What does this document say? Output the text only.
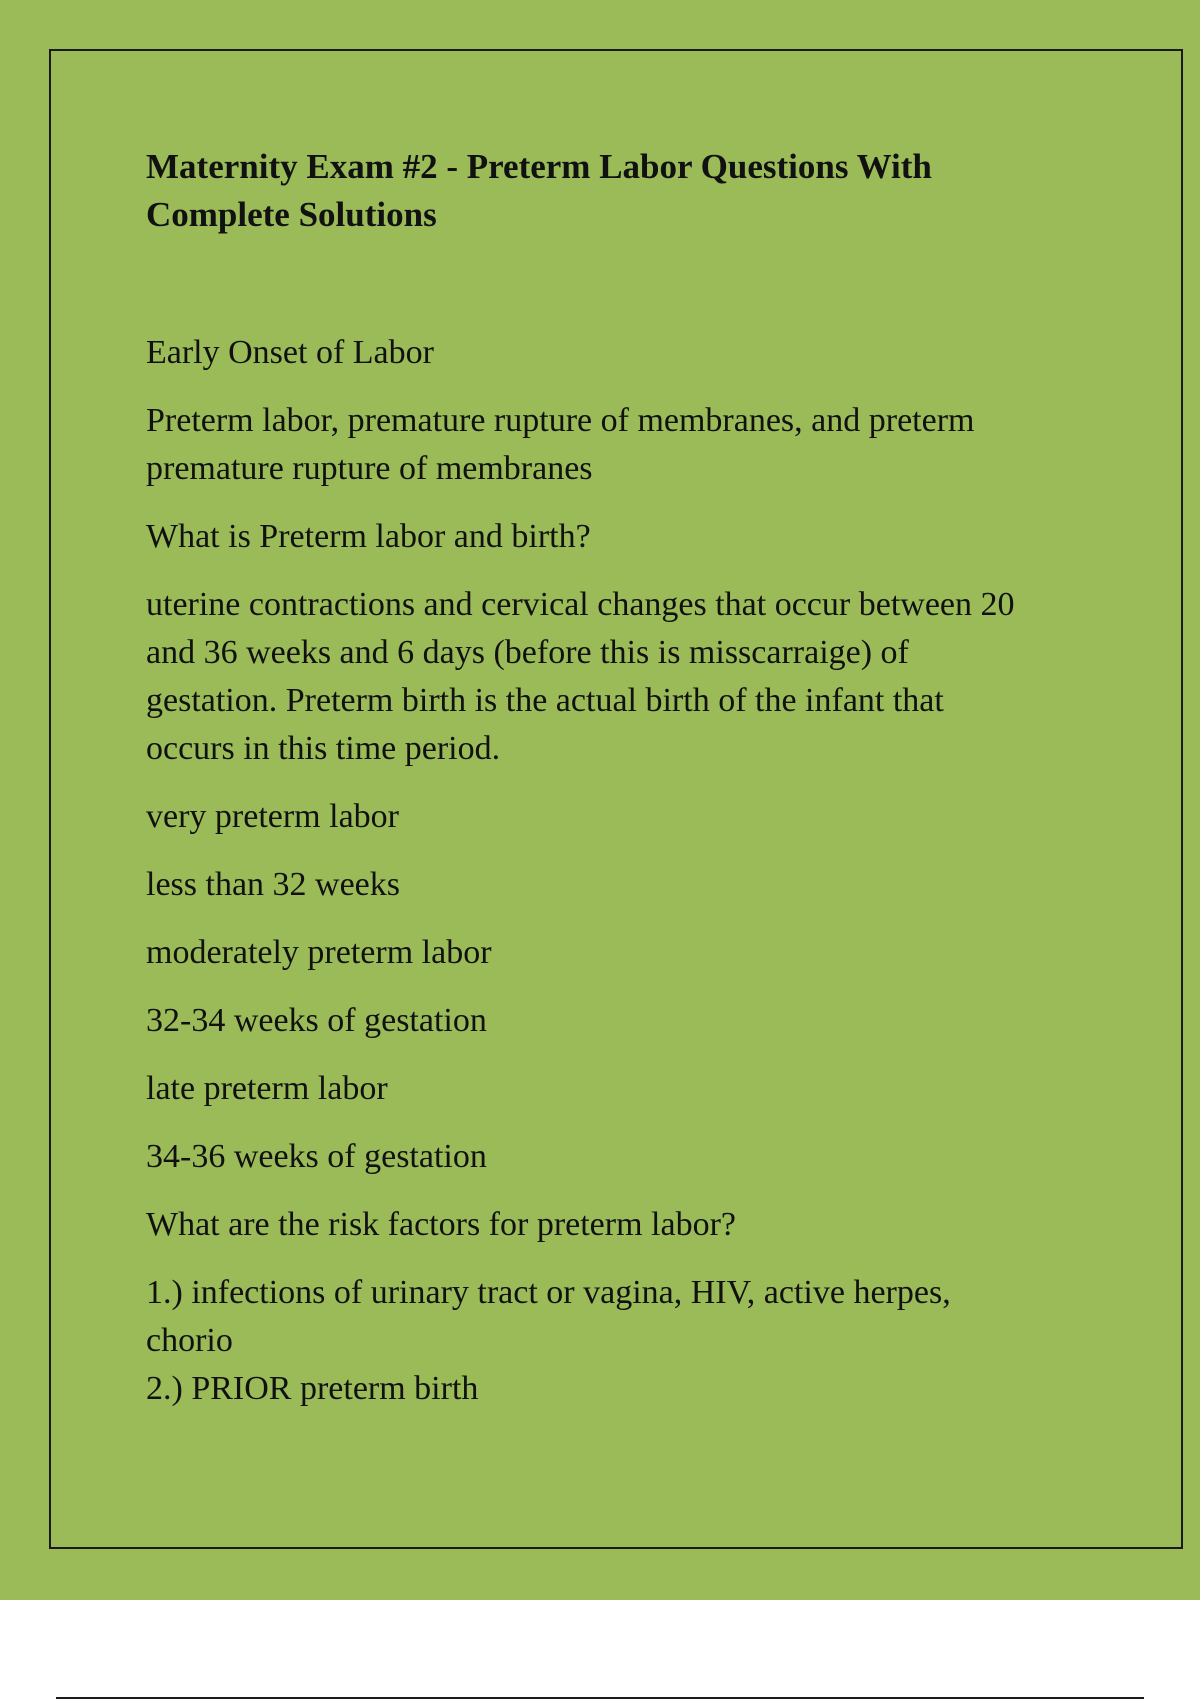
Maternity Exam #2 - Preterm Labor Questions With
Complete Solutions
Early Onset of Labor
Preterm labor, premature rupture of membranes, and preterm
premature rupture of membranes
What is Preterm labor and birth?
uterine contractions and cervical changes that occur between 20
and 36 weeks and 6 days (before this is misscarraige) of
gestation. Preterm birth is the actual birth of the infant that
occurs in this time period.
very preterm labor
less than 32 weeks
moderately preterm labor
32-34 weeks of gestation
late preterm labor
34-36 weeks of gestation
What are the risk factors for preterm labor?
1.) infections of urinary tract or vagina, HIV, active herpes,
chorio
2.) PRIOR preterm birth
